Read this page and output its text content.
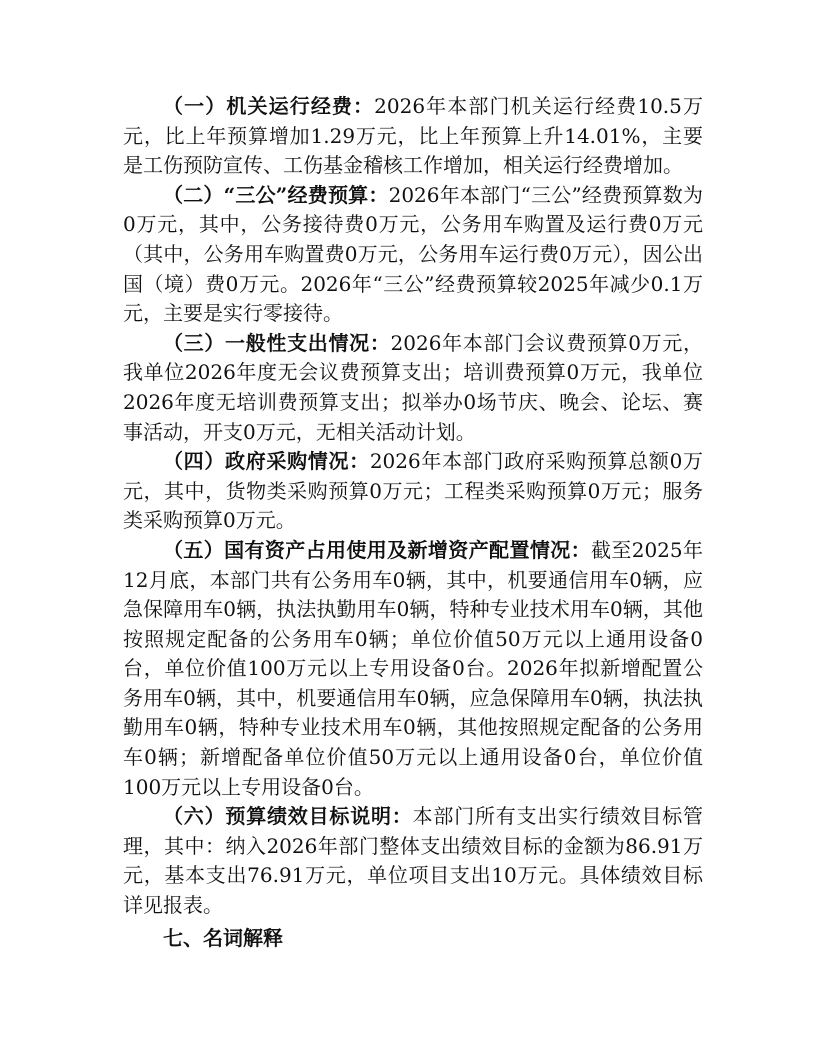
（一）机关运行经费：2026年本部门机关运行经费10.5万元，比上年预算增加1.29万元，比上年预算上升14.01%，主要是工伤预防宣传、工伤基金稽核工作增加，相关运行经费增加。

（二）“三公”经费预算：2026年本部门“三公”经费预算数为0万元，其中，公务接待费0万元，公务用车购置及运行费0万元（其中，公务用车购置费0万元，公务用车运行费0万元），因公出国（境）费0万元。2026年“三公”经费预算较2025年减少0.1万元，主要是实行零接待。

（三）一般性支出情况：2026年本部门会议费预算0万元，我单位2026年度无会议费预算支出；培训费预算0万元，我单位2026年度无培训费预算支出；拟举办0场节庆、晚会、论坛、赛事活动，开支0万元，无相关活动计划。

（四）政府采购情况：2026年本部门政府采购预算总额0万元，其中，货物类采购预算0万元；工程类采购预算0万元；服务类采购预算0万元。

（五）国有资产占用使用及新增资产配置情况：截至2025年12月底，本部门共有公务用车0辆，其中，机要通信用车0辆，应急保障用车0辆，执法执勤用车0辆，特种专业技术用车0辆，其他按照规定配备的公务用车0辆；单位价值50万元以上通用设备0台，单位价值100万元以上专用设备0台。2026年拟新增配置公务用车0辆，其中，机要通信用车0辆，应急保障用车0辆，执法执勤用车0辆，特种专业技术用车0辆，其他按照规定配备的公务用车0辆；新增配备单位价值50万元以上通用设备0台，单位价值100万元以上专用设备0台。

（六）预算绩效目标说明：本部门所有支出实行绩效目标管理，其中：纳入2026年部门整体支出绩效目标的金额为86.91万元，基本支出76.91万元，单位项目支出10万元。具体绩效目标详见报表。

七、名词解释
